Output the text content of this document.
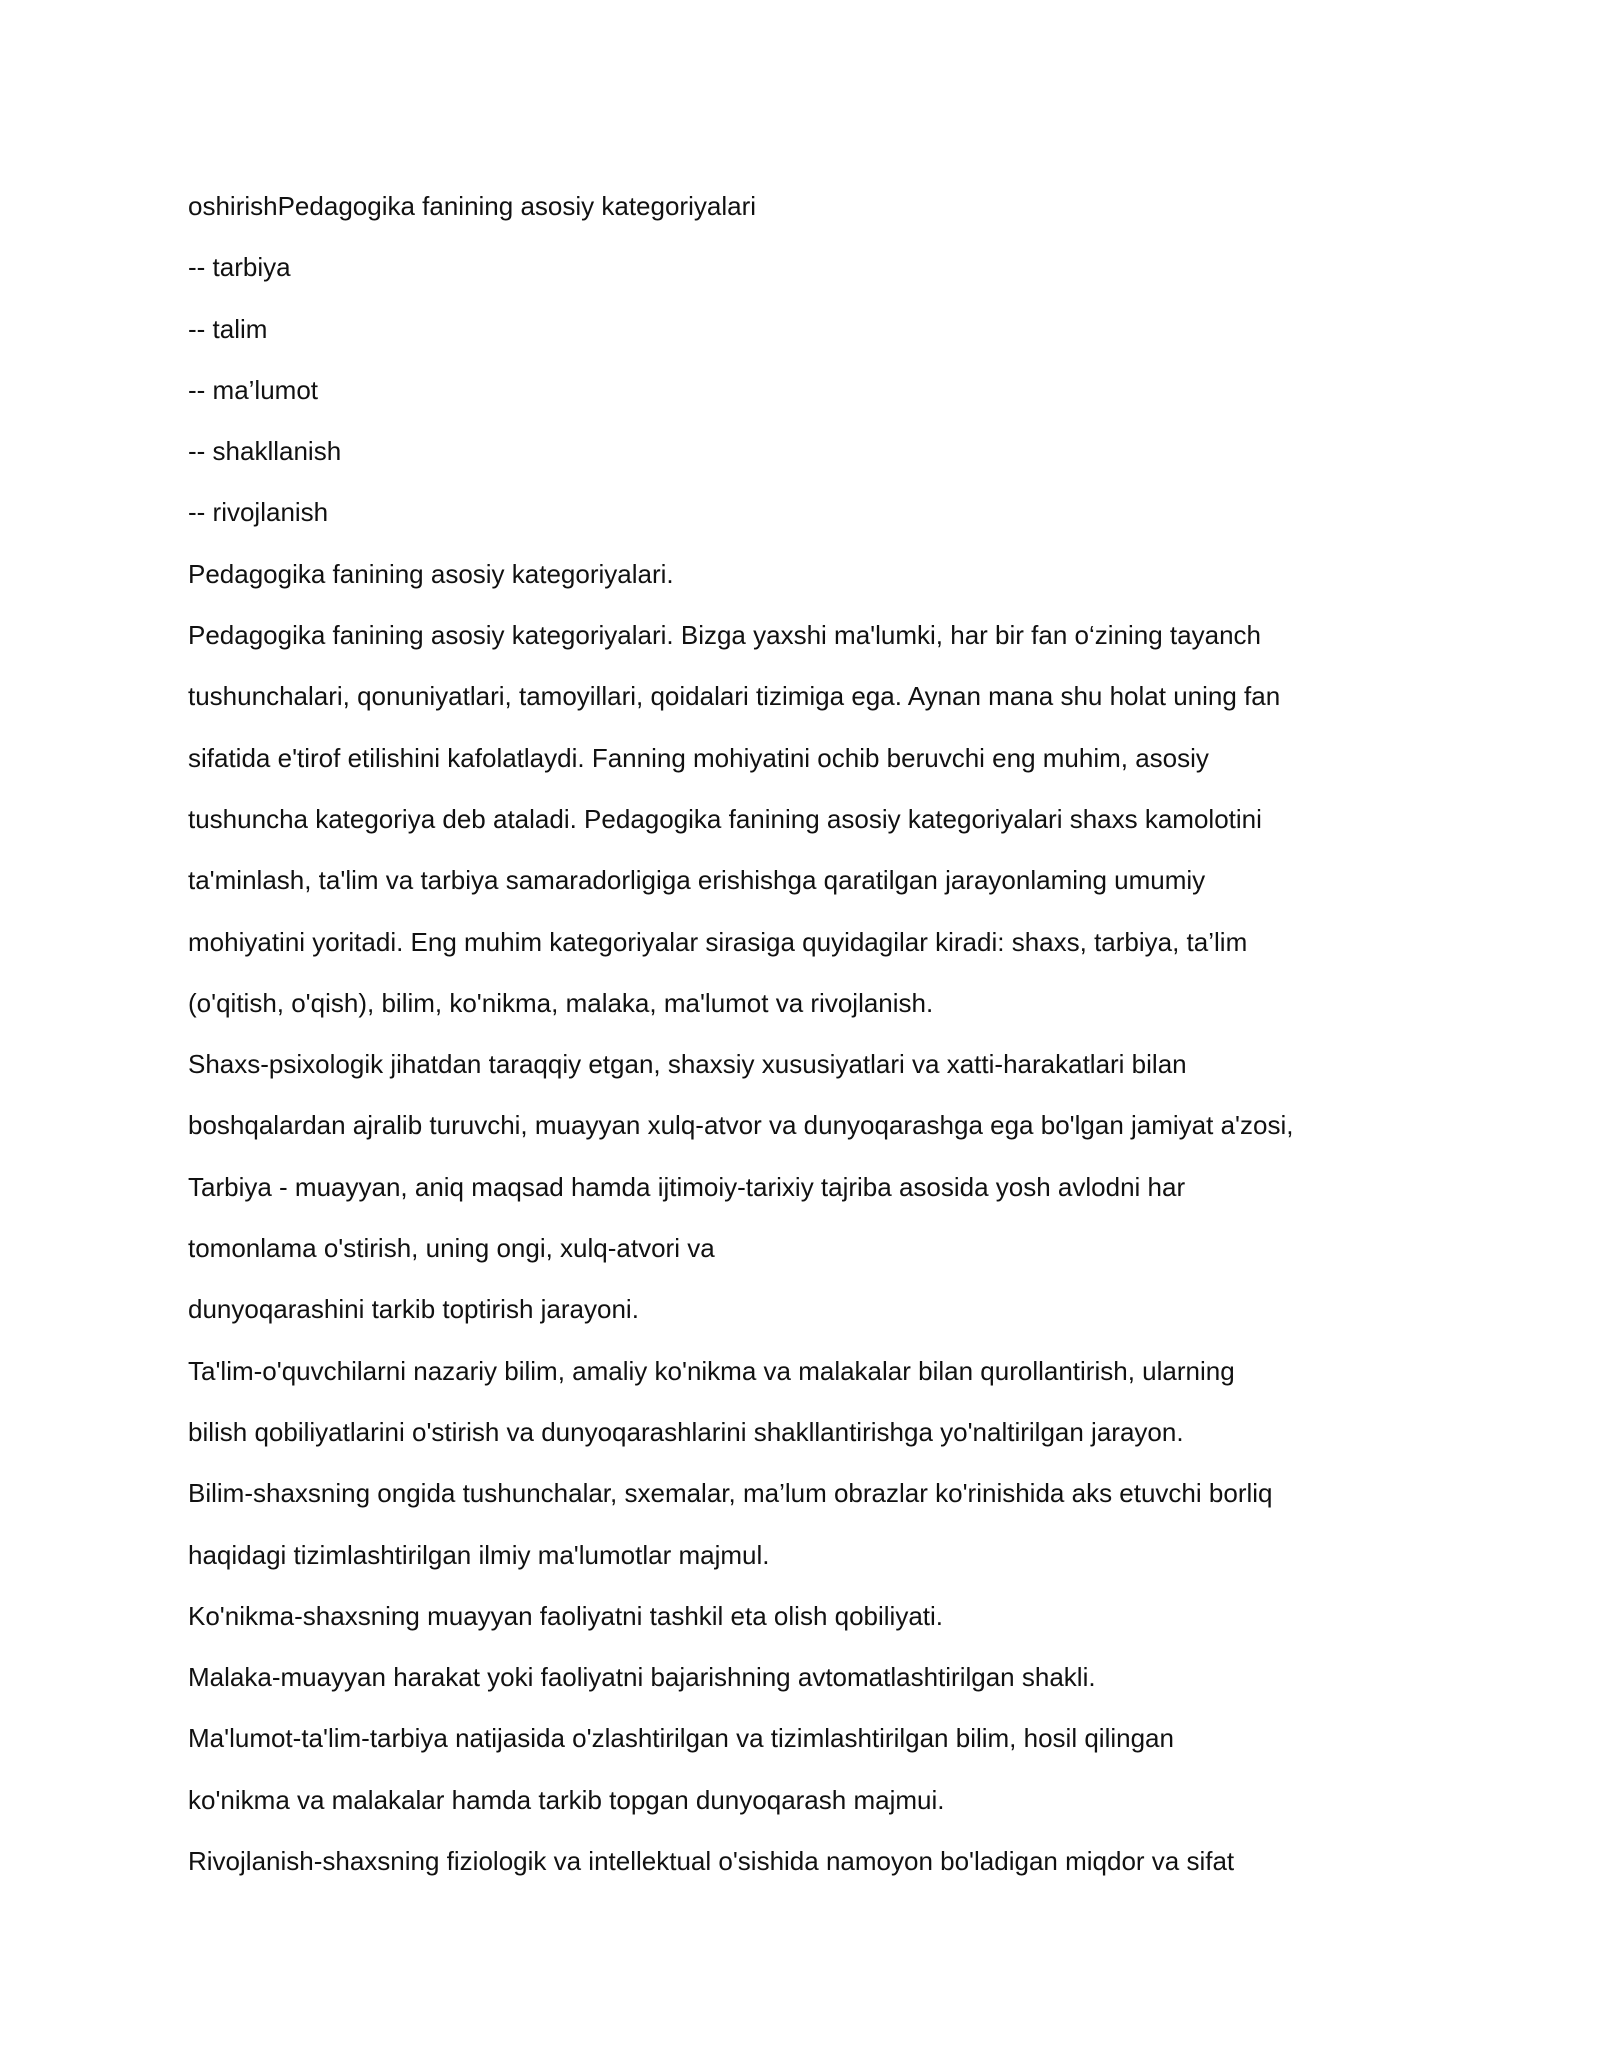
oshirishPedagogika fanining asosiy kategoriyalari
-- tarbiya
-- talim
-- ma’lumot
-- shakllanish
-- rivojlanish
Pedagogika fanining asosiy kategoriyalari.
Pedagogika fanining asosiy kategoriyalari. Bizga yaxshi ma'lumki, har bir fan o‘zining tayanch
tushunchalari, qonuniyatlari, tamoyillari, qoidalari tizimiga ega. Aynan mana shu holat uning fan
sifatida e'tirof etilishini kafolatlaydi. Fanning mohiyatini ochib beruvchi eng muhim, asosiy
tushuncha kategoriya deb ataladi. Pedagogika fanining asosiy kategoriyalari shaxs kamolotini
ta'minlash, ta'lim va tarbiya samaradorligiga erishishga qaratilgan jarayonlaming umumiy
mohiyatini yoritadi. Eng muhim kategoriyalar sirasiga quyidagilar kiradi: shaxs, tarbiya, ta’lim
(o'qitish, o'qish), bilim, ko'nikma, malaka, ma'lumot va rivojlanish.
Shaxs-psixologik jihatdan taraqqiy etgan, shaxsiy xususiyatlari va xatti-harakatlari bilan
boshqalardan ajralib turuvchi, muayyan xulq-atvor va dunyoqarashga ega bo'lgan jamiyat a'zosi,
Tarbiya - muayyan, aniq maqsad hamda ijtimoiy-tarixiy tajriba asosida yosh avlodni har
tomonlama o'stirish, uning ongi, xulq-atvori va
dunyoqarashini tarkib toptirish jarayoni.
Ta'lim-o'quvchilarni nazariy bilim, amaliy ko'nikma va malakalar bilan qurollantirish, ularning
bilish qobiliyatlarini o'stirish va dunyoqarashlarini shakllantirishga yo'naltirilgan jarayon.
Bilim-shaxsning ongida tushunchalar, sxemalar, ma’lum obrazlar ko'rinishida aks etuvchi borliq
haqidagi tizimlashtirilgan ilmiy ma'lumotlar majmul.
Ko'nikma-shaxsning muayyan faoliyatni tashkil eta olish qobiliyati.
Malaka-muayyan harakat yoki faoliyatni bajarishning avtomatlashtirilgan shakli.
Ma'lumot-ta'lim-tarbiya natijasida o'zlashtirilgan va tizimlashtirilgan bilim, hosil qilingan
ko'nikma va malakalar hamda tarkib topgan dunyoqarash majmui.
Rivojlanish-shaxsning fiziologik va intellektual o'sishida namoyon bo'ladigan miqdor va sifat
